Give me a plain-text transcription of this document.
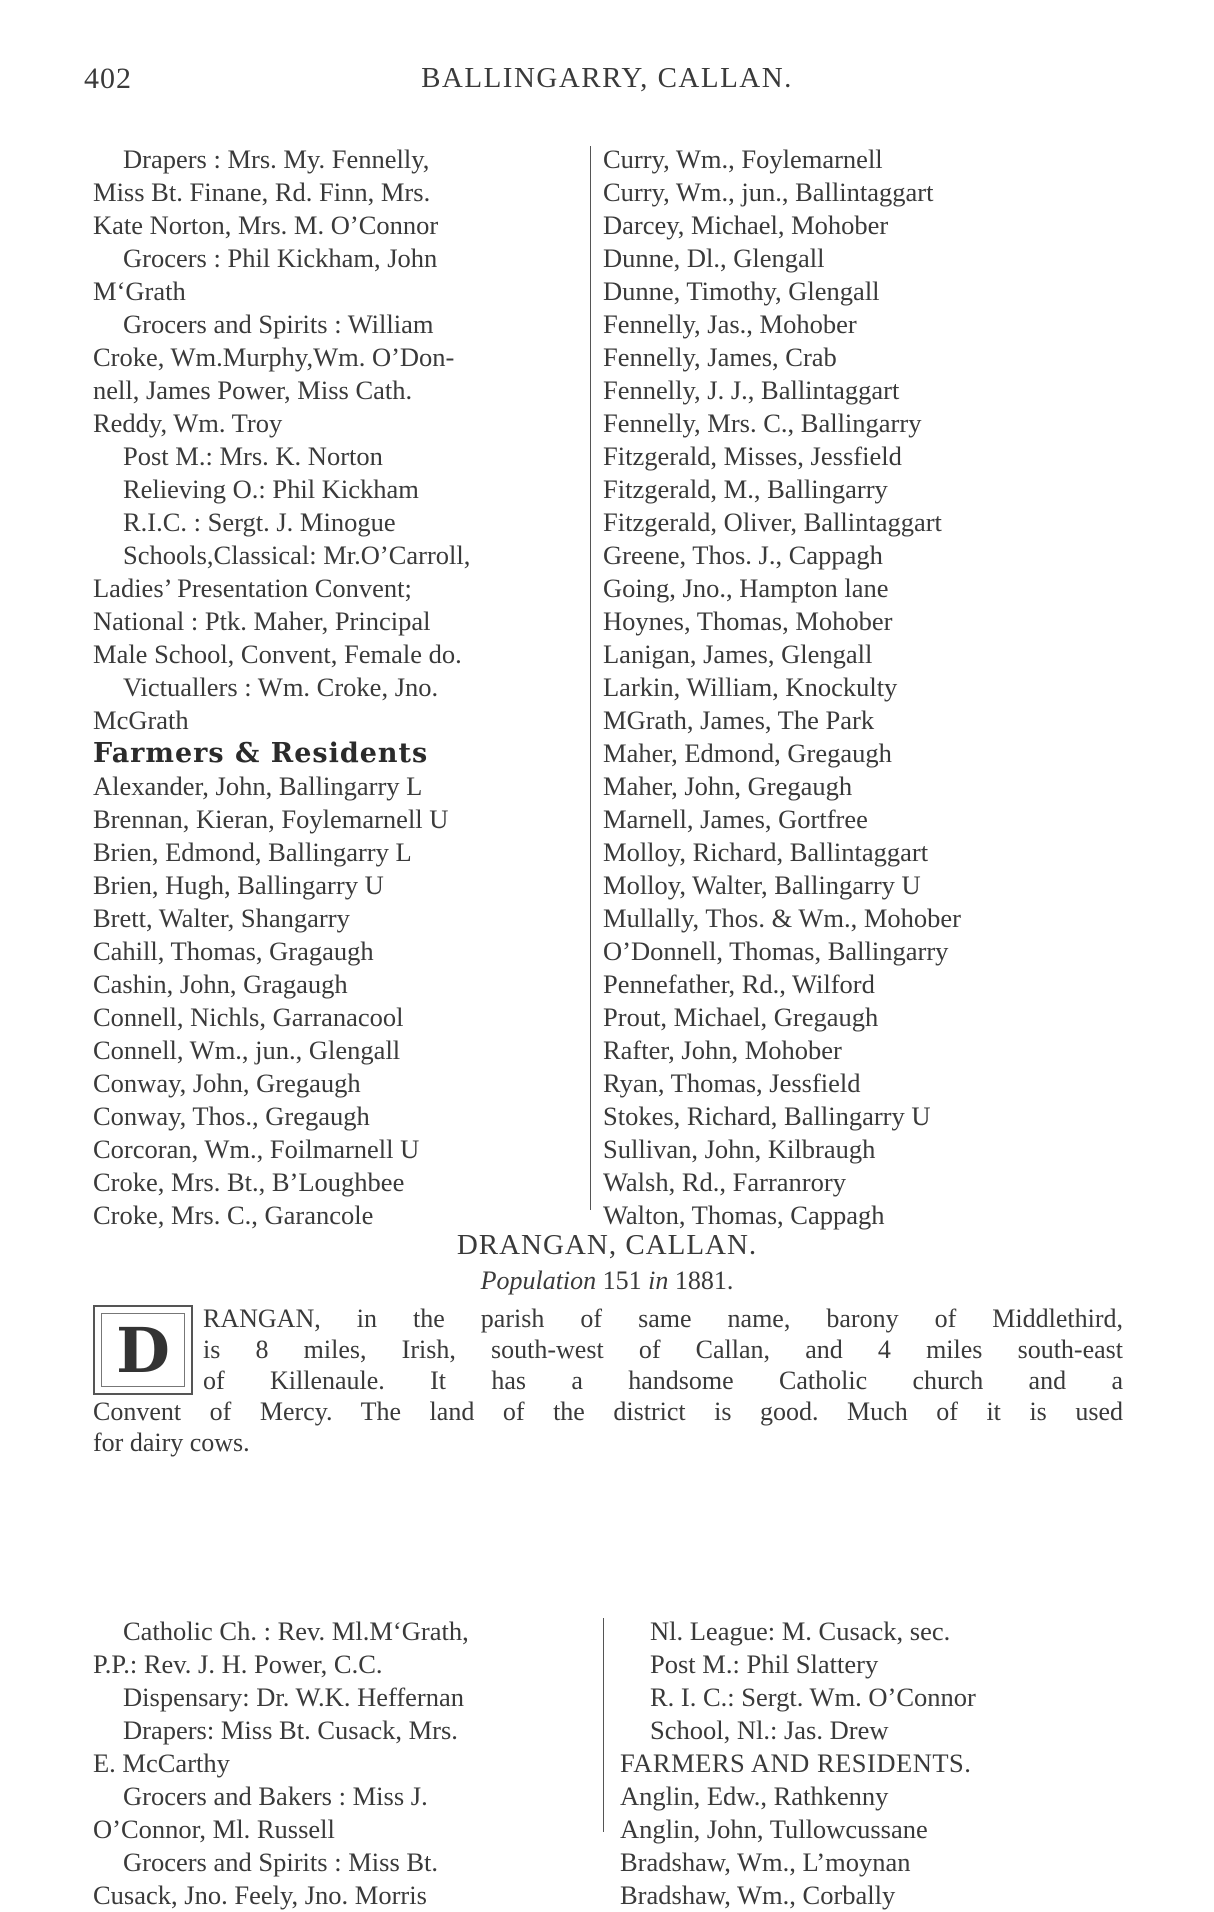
402	BALLINGARRY, CALLAN.
Drapers : Mrs. My. Fennelly,
Miss Bt. Finane, Rd. Finn, Mrs.
Kate Norton, Mrs. M. O’Connor
Grocers : Phil Kickham, John
M‘Grath
Grocers and Spirits : William
Croke, Wm.Murphy,Wm. O’Don-
nell, James Power, Miss Cath.
Reddy, Wm. Troy
Post M.: Mrs. K. Norton
Relieving O.: Phil Kickham
R.I.C. : Sergt. J. Minogue
Schools,Classical: Mr.O’Carroll,
Ladies’ Presentation Convent;
National : Ptk. Maher, Principal
Male School, Convent, Female do.
Victuallers : Wm. Croke, Jno.
McGrath
Farmers & Residents
Alexander, John, Ballingarry L
Brennan, Kieran, Foylemarnell U
Brien, Edmond, Ballingarry L
Brien, Hugh, Ballingarry U
Brett, Walter, Shangarry
Cahill, Thomas, Gragaugh
Cashin, John, Gragaugh
Connell, Nichls, Garranacool
Connell, Wm., jun., Glengall
Conway, John, Gregaugh
Conway, Thos., Gregaugh
Corcoran, Wm., Foilmarnell U
Croke, Mrs. Bt., B’Loughbee
Croke, Mrs. C., Garancole
Curry, Wm., Foylemarnell
Curry, Wm., jun., Ballintaggart
Darcey, Michael, Mohober
Dunne, Dl., Glengall
Dunne, Timothy, Glengall
Fennelly, Jas., Mohober
Fennelly, James, Crab
Fennelly, J. J., Ballintaggart
Fennelly, Mrs. C., Ballingarry
Fitzgerald, Misses, Jessfield
Fitzgerald, M., Ballingarry
Fitzgerald, Oliver, Ballintaggart
Greene, Thos. J., Cappagh
Going, Jno., Hampton lane
Hoynes, Thomas, Mohober
Lanigan, James, Glengall
Larkin, William, Knockulty
MGrath, James, The Park
Maher, Edmond, Gregaugh
Maher, John, Gregaugh
Marnell, James, Gortfree
Molloy, Richard, Ballintaggart
Molloy, Walter, Ballingarry U
Mullally, Thos. & Wm., Mohober
O’Donnell, Thomas, Ballingarry
Pennefather, Rd., Wilford
Prout, Michael, Gregaugh
Rafter, John, Mohober
Ryan, Thomas, Jessfield
Stokes, Richard, Ballingarry U
Sullivan, John, Kilbraugh
Walsh, Rd., Farranrory
Walton, Thomas, Cappagh
DRANGAN, CALLAN.
Population 151 in 1881.
RANGAN, in the parish of same name, barony of Middlethird,
is 8 miles, Irish, south-west of Callan, and 4 miles south-east
of Killenaule. It has a handsome Catholic church and a
Convent of Mercy. The land of the district is good. Much of it is used
for dairy cows.
D
Catholic Ch. : Rev. Ml.M‘Grath,
P.P.: Rev. J. H. Power, C.C.
Dispensary: Dr. W.K. Heffernan
Drapers: Miss Bt. Cusack, Mrs.
E. McCarthy
Grocers and Bakers : Miss J.
O’Connor, Ml. Russell
Grocers and Spirits : Miss Bt.
Cusack, Jno. Feely, Jno. Morris
Nl. League: M. Cusack, sec.
Post M.: Phil Slattery
R. I. C.: Sergt. Wm. O’Connor
School, Nl.: Jas. Drew
FARMERS AND RESIDENTS.
Anglin, Edw., Rathkenny
Anglin, John, Tullowcussane
Bradshaw, Wm., L’moynan
Bradshaw, Wm., Corbally
